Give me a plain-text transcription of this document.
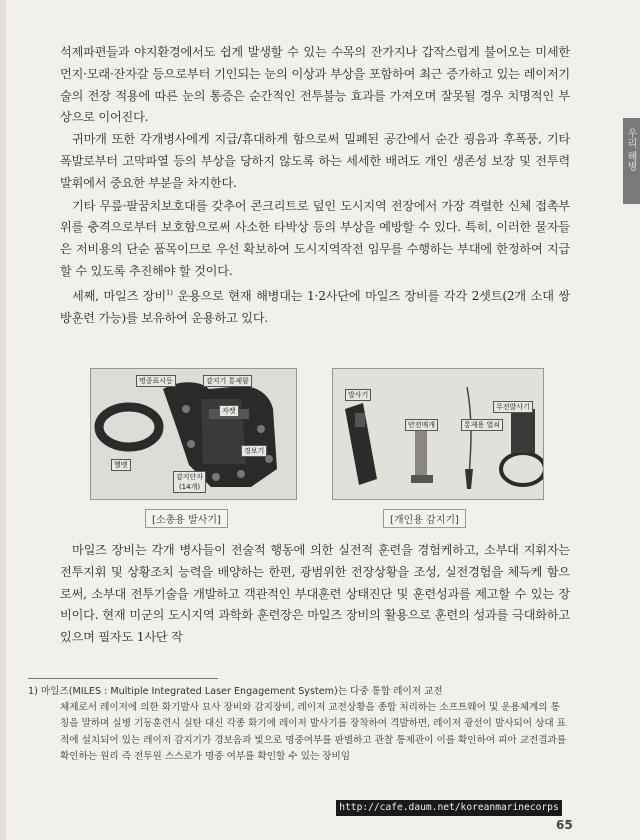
우리 해병

석제파편들과 야지환경에서도 쉽게 발생할 수 있는 수목의 잔가지나 갑작스럽게 불어오는 미세한 먼지·모래·잔자갈 등으로부터 기인되는 눈의 이상과 부상을 포함하여 최근 증가하고 있는 레이저기술의 전장 적용에 따른 눈의 통증은 순간적인 전투불능 효과를 가져오며 잘못될 경우 치명적인 부상으로 이어진다.

귀마개 또한 각개병사에게 지급/휴대하게 함으로써 밀폐된 공간에서 순간 굉음과 후폭풍, 기타 폭발로부터 고막파열 등의 부상을 당하지 않도록 하는 세세한 배려도 개인 생존성 보장 및 전투력 발휘에서 중요한 부분을 차지한다.

기타 무릎·팔꿈치보호대를 갖추어 콘크리트로 덮인 도시지역 전장에서 가장 격렬한 신체 접촉부위를 충격으로부터 보호함으로써 사소한 타박상 등의 부상을 예방할 수 있다. 특히, 이러한 물자들은 저비용의 단순 품목이므로 우선 확보하여 도시지역작전 임무를 수행하는 부대에 한정하여 지급할 수 있도록 추진해야 할 것이다.

세째, 마일즈 장비$^{1)}$ 운용으로 현재 해병대는 1·2사단에 마일즈 장비를 각각 2셋트(2개 소대 쌍방훈련 가능)를 보유하여 운용하고 있다.

명중표시등	감지기 통제함
자켓
헬멧
경보기
감지단자
(14개)
발사기
안전매개	통제용 열쇠
무전발사기
[소총용 발사기]	[개인용 감지기]

마일즈 장비는 각개 병사들이 전술적 행동에 의한 실전적 훈련을 경험케하고, 소부대 지휘자는 전투지휘 및 상황조치 능력을 배양하는 한편, 광범위한 전장상황을 조성, 실전경험을 체득케 함으로써, 소부대 전투기술을 개발하고 객관적인 부대훈련 상태진단 및 훈련성과를 제고할 수 있는 장비이다. 현재 미군의 도시지역 과학화 훈련장은 마일즈 장비의 활용으로 훈련의 성과를 극대화하고 있으며 필자도 1사단 작

1) 마일즈(MILES : Multiple Integrated Laser Engagement System)는 다중 통합 레이저 교전
체제로서 레이저에 의한 화기발사 묘사 장비와 감지장비, 레이저 교전상황을 종합 처리하는 소프트웨어 및 운용체계의 통칭을 말하며 실병 기동훈련시 실탄 대신 각종 화기에 레이저 발사기를 장착하여 격발하면, 레이저 광선이 발사되어 상대 표적에 설치되어 있는 레이저 감지기가 경보음과 빛으로 명중여부를 판별하고 관찰 통제관이 이를 확인하여 피아 교전결과를 확인하는 원리 즉 전투원 스스로가 명중 여부를 확인할 수 있는 장비임
http://cafe.daum.net/koreanmarinecorps
65
